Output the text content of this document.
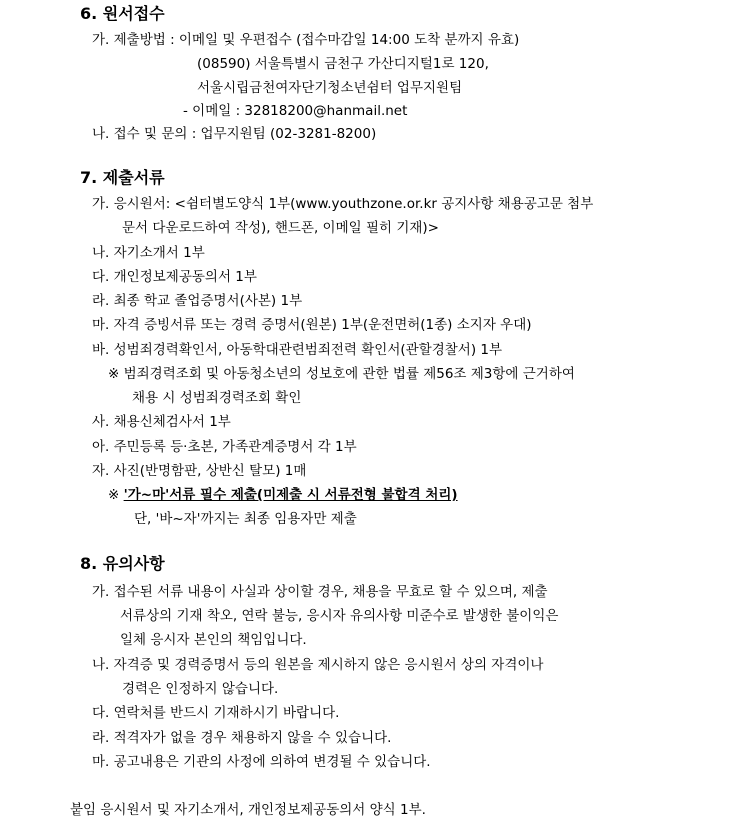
6. 원서접수
가. 제출방법 : 이메일 및 우편접수 (접수마감일 14:00 도착 분까지 유효)
(08590) 서울특별시 금천구 가산디지털1로 120,
서울시립금천여자단기청소년쉼터 업무지원팀
- 이메일 : 32818200@hanmail.net
나. 접수 및 문의 : 업무지원팀 (02-3281-8200)
7. 제출서류
가. 응시원서: <쉼터별도양식 1부(www.youthzone.or.kr 공지사항 채용공고문 첨부
문서 다운로드하여 작성), 핸드폰, 이메일 필히 기재)>
나. 자기소개서 1부
다. 개인정보제공동의서 1부
라. 최종 학교 졸업증명서(사본) 1부
마. 자격 증빙서류 또는 경력 증명서(원본) 1부(운전면허(1종) 소지자 우대)
바. 성범죄경력확인서, 아동학대관련범죄전력 확인서(관할경찰서) 1부
※ 범죄경력조회 및 아동청소년의 성보호에 관한 법률 제56조 제3항에 근거하여
채용 시 성범죄경력조회 확인
사. 채용신체검사서 1부
아. 주민등록 등·초본, 가족관계증명서 각 1부
자. 사진(반명함판, 상반신 탈모) 1매
※ '가~마'서류 필수 제출(미제출 시 서류전형 불합격 처리)
단, '바~자'까지는 최종 임용자만 제출
8. 유의사항
가. 접수된 서류 내용이 사실과 상이할 경우, 채용을 무효로 할 수 있으며, 제출
서류상의 기재 착오, 연락 불능, 응시자 유의사항 미준수로 발생한 불이익은
일체 응시자 본인의 책임입니다.
나. 자격증 및 경력증명서 등의 원본을 제시하지 않은 응시원서 상의 자격이나
경력은 인정하지 않습니다.
다. 연락처를 반드시 기재하시기 바랍니다.
라. 적격자가 없을 경우 채용하지 않을 수 있습니다.
마. 공고내용은 기관의 사정에 의하여 변경될 수 있습니다.
붙임 응시원서 및 자기소개서, 개인정보제공동의서 양식 1부.
